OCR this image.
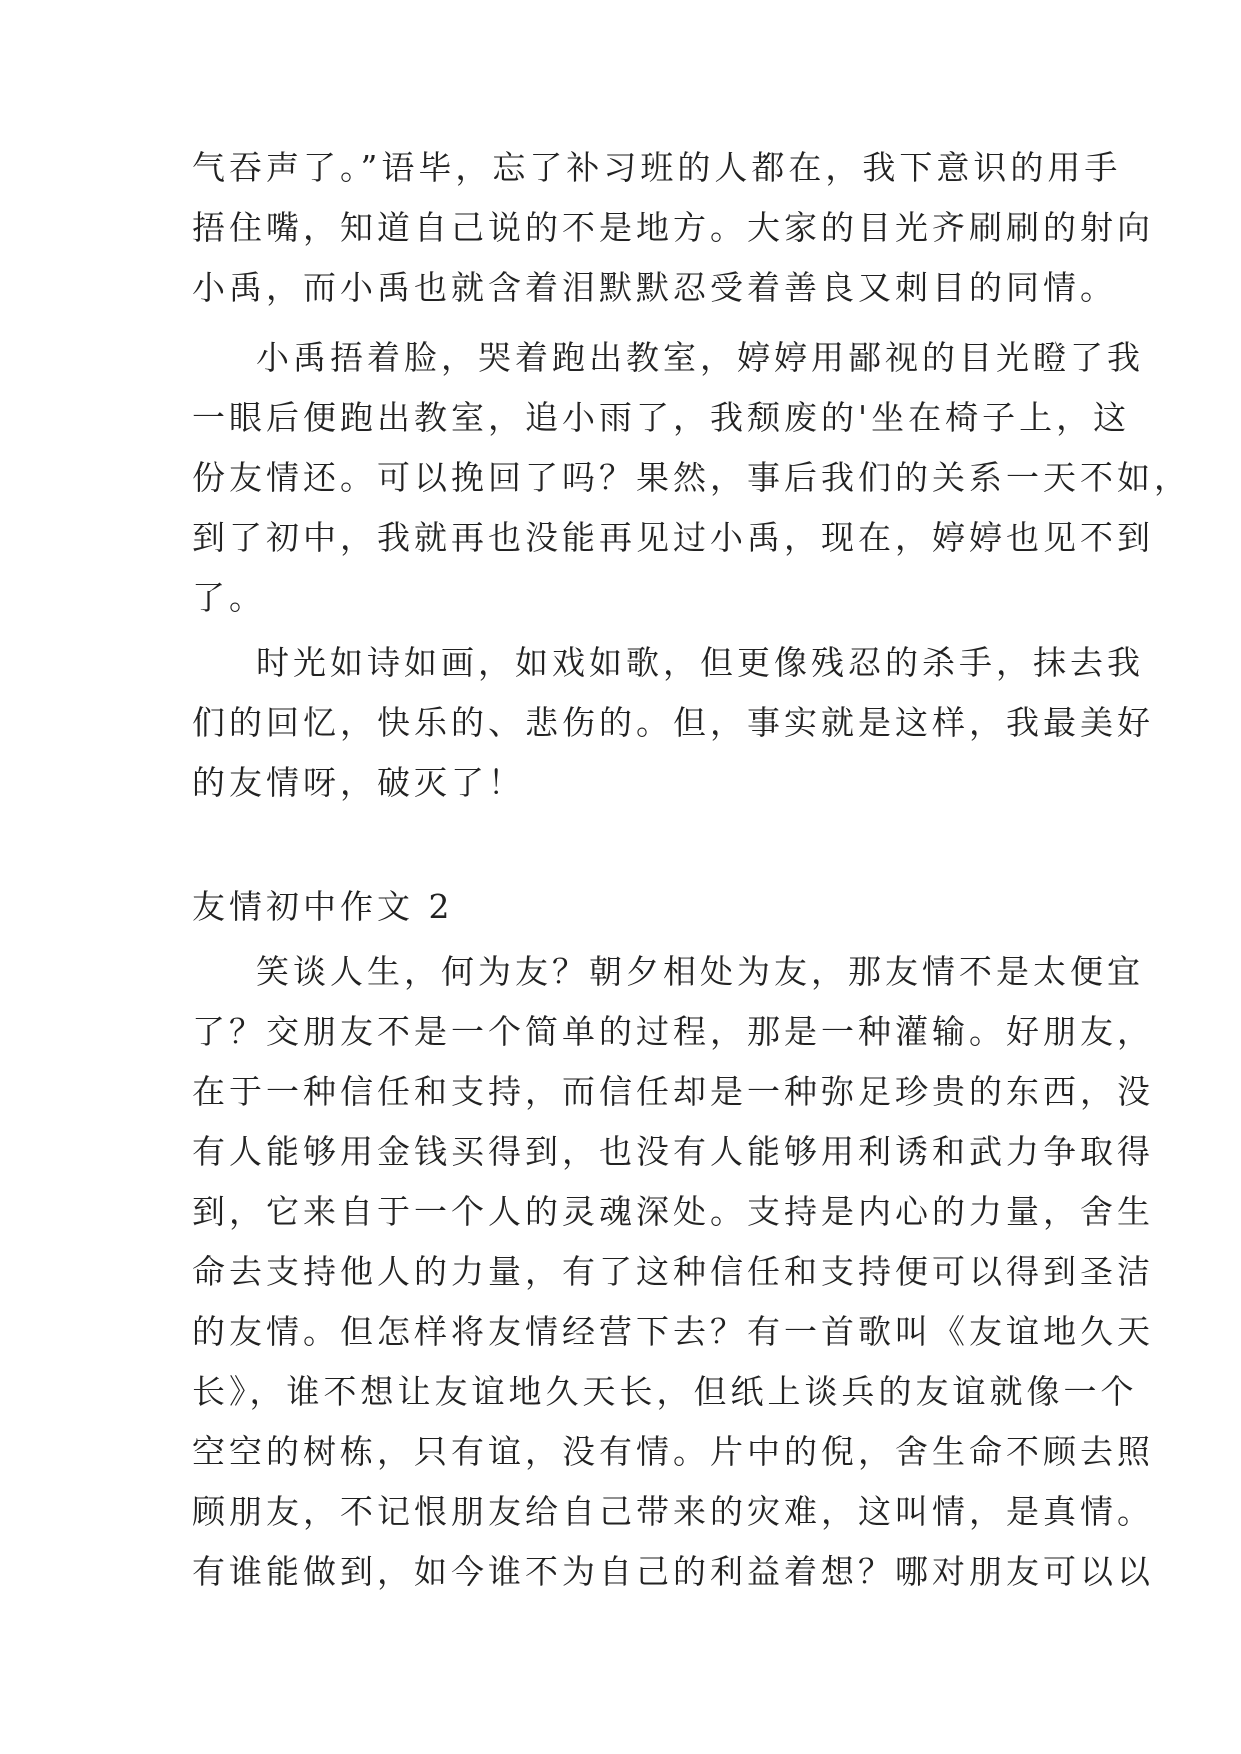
气吞声了。”语毕，忘了补习班的人都在，我下意识的用手
捂住嘴，知道自己说的不是地方。大家的目光齐刷刷的射向
小禹，而小禹也就含着泪默默忍受着善良又刺目的同情。
小禹捂着脸，哭着跑出教室，婷婷用鄙视的目光瞪了我
一眼后便跑出教室，追小雨了，我颓废的'坐在椅子上，这
份友情还。可以挽回了吗？果然，事后我们的关系一天不如，
到了初中，我就再也没能再见过小禹，现在，婷婷也见不到
了。
时光如诗如画，如戏如歌，但更像残忍的杀手，抹去我
们的回忆，快乐的、悲伤的。但，事实就是这样，我最美好
的友情呀，破灭了！
友情初中作文 2
笑谈人生，何为友？朝夕相处为友，那友情不是太便宜
了？交朋友不是一个简单的过程，那是一种灌输。好朋友，
在于一种信任和支持，而信任却是一种弥足珍贵的东西，没
有人能够用金钱买得到，也没有人能够用利诱和武力争取得
到，它来自于一个人的灵魂深处。支持是内心的力量，舍生
命去支持他人的力量，有了这种信任和支持便可以得到圣洁
的友情。但怎样将友情经营下去？有一首歌叫《友谊地久天
长》，谁不想让友谊地久天长，但纸上谈兵的友谊就像一个
空空的树栋，只有谊，没有情。片中的倪，舍生命不顾去照
顾朋友，不记恨朋友给自己带来的灾难，这叫情，是真情。
有谁能做到，如今谁不为自己的利益着想？哪对朋友可以以
